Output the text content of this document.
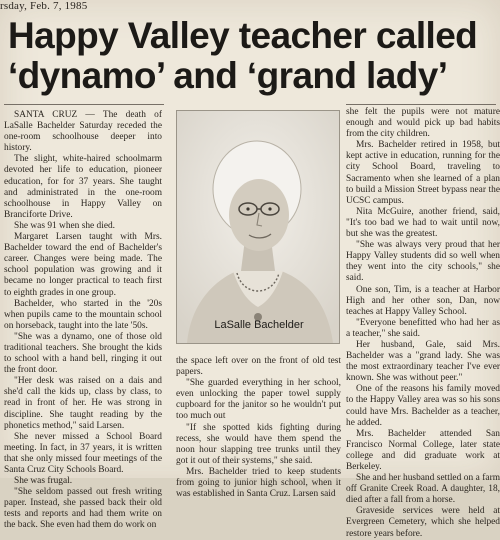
rsday, Feb. 7, 1985
Happy Valley teacher called
‘dynamo’ and ‘grand lady’

SANTA CRUZ — The death of LaSalle Bachelder Saturday receded the one-room schoolhouse deeper into history.

The slight, white-haired schoolmarm devoted her life to education, pioneer education, for for 37 years. She taught and administrated in the one-room schoolhouse in Happy Valley on Branciforte Drive.

She was 91 when she died.

Margaret Larsen taught with Mrs. Bachelder toward the end of Bachelder's career. Changes were being made. The school population was growing and it became no longer practical to teach first to eighth grades in one group.

Bachelder, who started in the '20s when pupils came to the mountain school on horseback, taught into the late '50s.

"She was a dynamo, one of those old traditional teachers. She brought the kids to school with a hand bell, ringing it out the front door.

"Her desk was raised on a dais and she'd call the kids up, class by class, to read in front of her. He was strong in discipline. She taught reading by the phonetics method," said Larsen.

She never missed a School Board meeting. In fact, in 37 years, it is written that she only missed four meetings of the Santa Cruz City Schools Board.

She was frugal.

"She seldom passed out fresh writing paper. Instead, she passed back their old tests and reports and had them write on the back. She even had them do work on

LaSalle Bachelder

the space left over on the front of old test papers.

"She guarded everything in her school, even unlocking the paper towel supply cupboard for the janitor so he wouldn't put too much out

"If she spotted kids fighting during recess, she would have them spend the noon hour slapping tree trunks until they got it out of their systems," she said.

Mrs. Bachelder tried to keep students from going to junior high school, when it was established in Santa Cruz. Larsen said

she felt the pupils were not mature enough and would pick up bad habits from the city children.

Mrs. Bachelder retired in 1958, but kept active in education, running for the city School Board, traveling to Sacramento when she learned of a plan to build a Mission Street bypass near the UCSC campus.

Nita McGuire, another friend, said, "It's too bad we had to wait until now, but she was the greatest.

"She was always very proud that her Happy Valley students did so well when they went into the city schools," she said.

One son, Tim, is a teacher at Harbor High and her other son, Dan, now teaches at Happy Valley School.

"Everyone benefitted who had her as a teacher," she said.

Her husband, Gale, said Mrs. Bachelder was a "grand lady. She was the most extraordinary teacher I've ever known. She was without peer."

One of the reasons his family moved to the Happy Valley area was so his sons could have Mrs. Bachelder as a teacher, he added.

Mrs. Bachelder attended San Francisco Normal College, later state college and did graduate work at Berkeley.

She and her husband settled on a farm off Granite Creek Road. A daughter, 18, died after a fall from a horse.

Graveside services were held at Evergreen Cemetery, which she helped restore years before.
